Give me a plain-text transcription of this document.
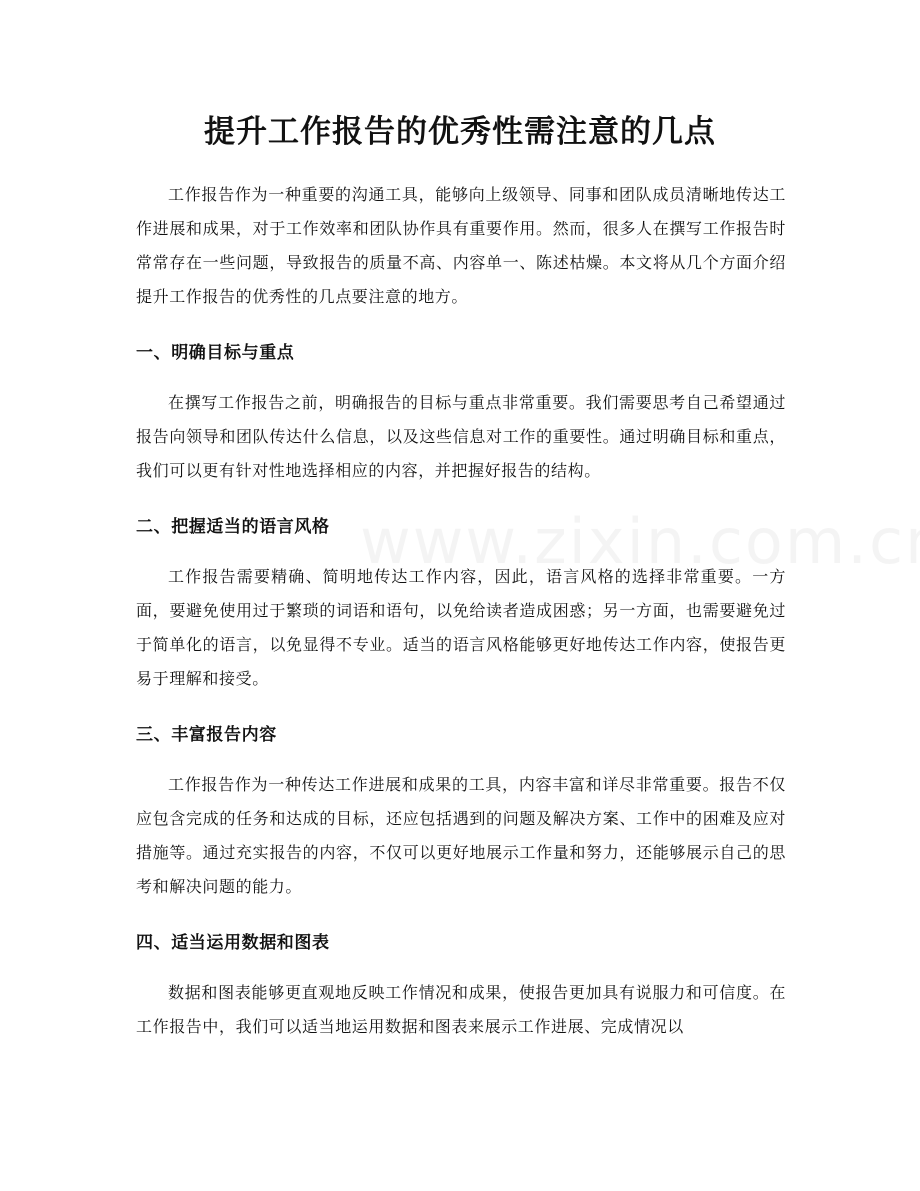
提升工作报告的优秀性需注意的几点

工作报告作为一种重要的沟通工具，能够向上级领导、同事和团队成员清晰地传达工作进展和成果，对于工作效率和团队协作具有重要作用。然而，很多人在撰写工作报告时常常存在一些问题，导致报告的质量不高、内容单一、陈述枯燥。本文将从几个方面介绍提升工作报告的优秀性的几点要注意的地方。

一、明确目标与重点

在撰写工作报告之前，明确报告的目标与重点非常重要。我们需要思考自己希望通过报告向领导和团队传达什么信息，以及这些信息对工作的重要性。通过明确目标和重点，我们可以更有针对性地选择相应的内容，并把握好报告的结构。

二、把握适当的语言风格

工作报告需要精确、简明地传达工作内容，因此，语言风格的选择非常重要。一方面，要避免使用过于繁琐的词语和语句，以免给读者造成困惑；另一方面，也需要避免过于简单化的语言，以免显得不专业。适当的语言风格能够更好地传达工作内容，使报告更易于理解和接受。

三、丰富报告内容

工作报告作为一种传达工作进展和成果的工具，内容丰富和详尽非常重要。报告不仅应包含完成的任务和达成的目标，还应包括遇到的问题及解决方案、工作中的困难及应对措施等。通过充实报告的内容，不仅可以更好地展示工作量和努力，还能够展示自己的思考和解决问题的能力。

四、适当运用数据和图表

数据和图表能够更直观地反映工作情况和成果，使报告更加具有说服力和可信度。在工作报告中，我们可以适当地运用数据和图表来展示工作进展、完成情况以
